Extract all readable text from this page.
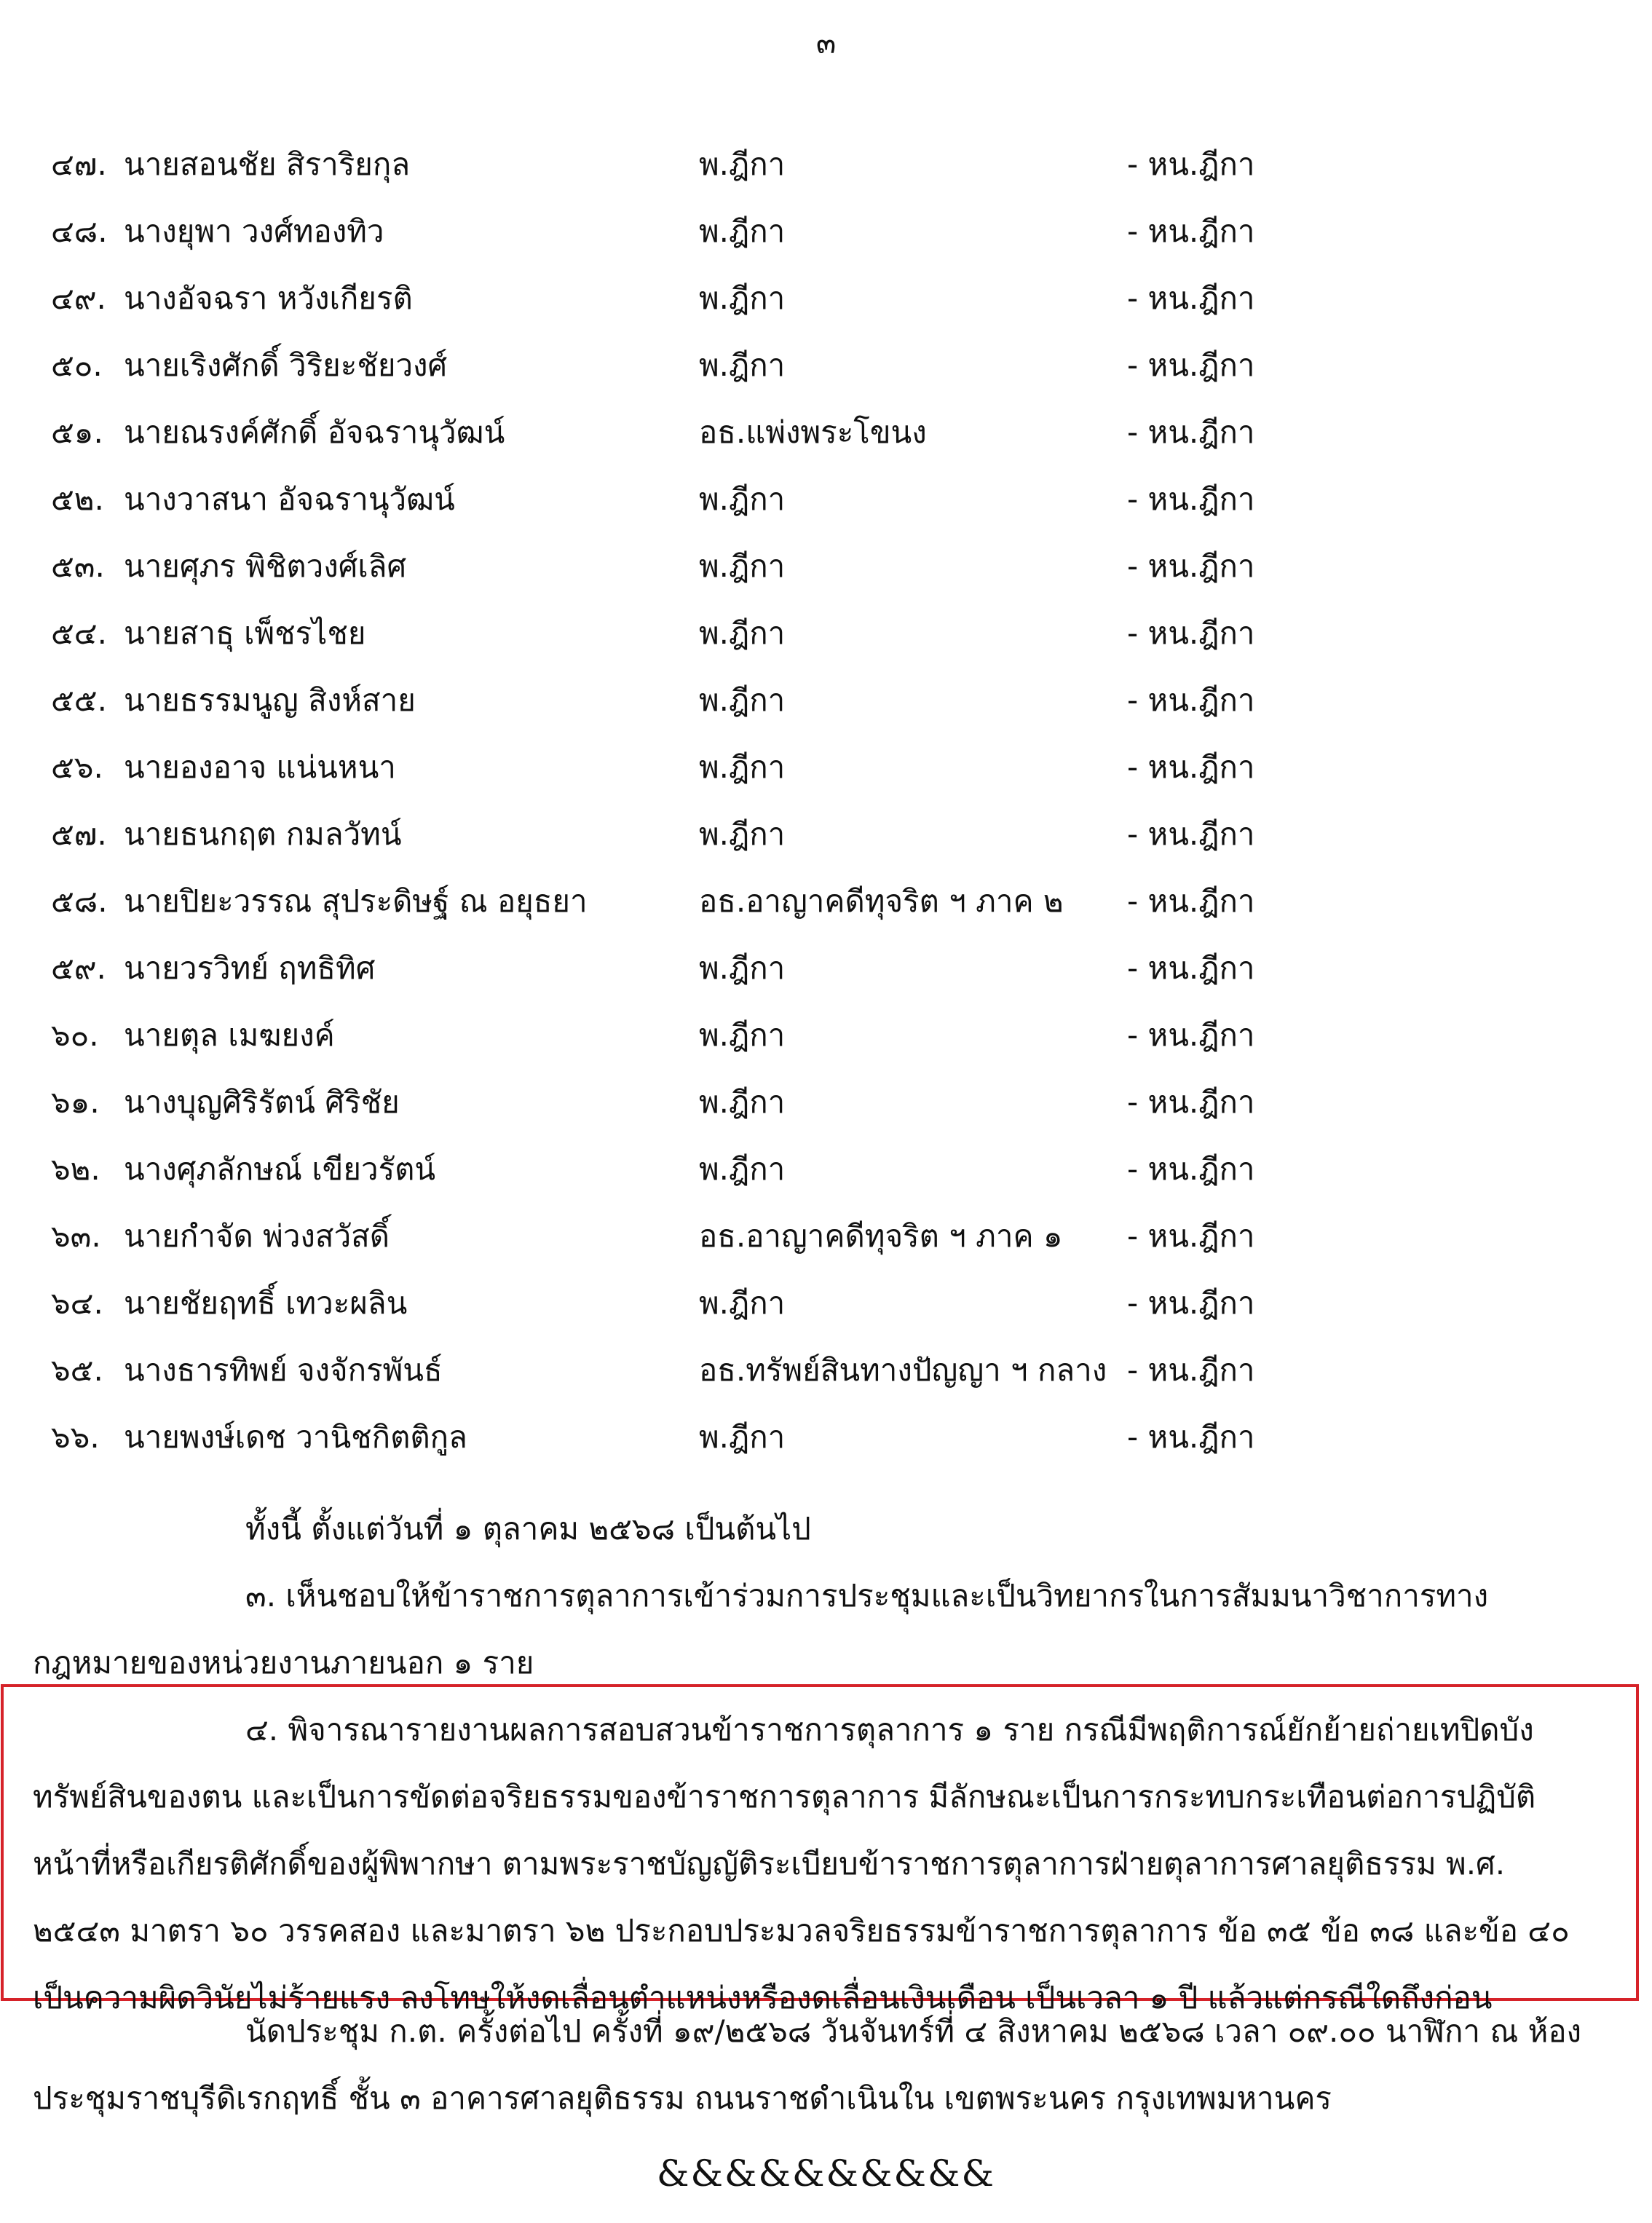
๓
๔๗. นายสอนชัย สิราริยกุล	พ.ฎีกา	- หน.ฎีกา
๔๘. นางยุพา วงศ์ทองทิว	พ.ฎีกา	- หน.ฎีกา
๔๙. นางอัจฉรา หวังเกียรติ	พ.ฎีกา	- หน.ฎีกา
๕๐. นายเริงศักดิ์ วิริยะชัยวงศ์	พ.ฎีกา	- หน.ฎีกา
๕๑. นายณรงค์ศักดิ์ อัจฉรานุวัฒน์	อธ.แพ่งพระโขนง	- หน.ฎีกา
๕๒. นางวาสนา อัจฉรานุวัฒน์	พ.ฎีกา	- หน.ฎีกา
๕๓. นายศุภร พิชิตวงศ์เลิศ	พ.ฎีกา	- หน.ฎีกา
๕๔. นายสาธุ เพ็ชรไชย	พ.ฎีกา	- หน.ฎีกา
๕๕. นายธรรมนูญ สิงห์สาย	พ.ฎีกา	- หน.ฎีกา
๕๖. นายองอาจ แน่นหนา	พ.ฎีกา	- หน.ฎีกา
๕๗. นายธนกฤต กมลวัทน์	พ.ฎีกา	- หน.ฎีกา
๕๘. นายปิยะวรรณ สุประดิษฐ์ ณ อยุธยา	อธ.อาญาคดีทุจริต ฯ ภาค ๒ - หน.ฎีกา
๕๙. นายวรวิทย์ ฤทธิทิศ	พ.ฎีกา	- หน.ฎีกา
๖๐. นายตุล เมฆยงค์	พ.ฎีกา	- หน.ฎีกา
๖๑. นางบุญศิริรัตน์ ศิริชัย	พ.ฎีกา	- หน.ฎีกา
๖๒. นางศุภลักษณ์ เขียวรัตน์	พ.ฎีกา	- หน.ฎีกา
๖๓. นายกำจัด พ่วงสวัสดิ์	อธ.อาญาคดีทุจริต ฯ ภาค ๑ - หน.ฎีกา
๖๔. นายชัยฤทธิ์ เทวะผลิน	พ.ฎีกา	- หน.ฎีกา
๖๕. นางธารทิพย์ จงจักรพันธ์	อธ.ทรัพย์สินทางปัญญา ฯ กลาง - หน.ฎีกา
๖๖. นายพงษ์เดช วานิชกิตติกูล	พ.ฎีกา	- หน.ฎีกา
ทั้งนี้ ตั้งแต่วันที่ ๑ ตุลาคม ๒๕๖๘ เป็นต้นไป
๓. เห็นชอบให้ข้าราชการตุลาการเข้าร่วมการประชุมและเป็นวิทยากรในการสัมมนาวิชาการทางกฎหมายของหน่วยงานภายนอก ๑ ราย
๔. พิจารณารายงานผลการสอบสวนข้าราชการตุลาการ ๑ ราย กรณีมีพฤติการณ์ยักย้ายถ่ายเทปิดบังทรัพย์สินของตน และเป็นการขัดต่อจริยธรรมของข้าราชการตุลาการ มีลักษณะเป็นการกระทบกระเทือนต่อการปฏิบัติหน้าที่หรือเกียรติศักดิ์ของผู้พิพากษา ตามพระราชบัญญัติระเบียบข้าราชการตุลาการฝ่ายตุลาการศาลยุติธรรม พ.ศ. ๒๕๔๓ มาตรา ๖๐ วรรคสอง และมาตรา ๖๒ ประกอบประมวลจริยธรรมข้าราชการตุลาการ ข้อ ๓๕ ข้อ ๓๘ และข้อ ๔๐ เป็นความผิดวินัยไม่ร้ายแรง ลงโทษให้งดเลื่อนตำแหน่งหรืองดเลื่อนเงินเดือน เป็นเวลา ๑ ปี แล้วแต่กรณีใดถึงก่อน
นัดประชุม ก.ต. ครั้งต่อไป ครั้งที่ ๑๙/๒๕๖๘ วันจันทร์ที่ ๔ สิงหาคม ๒๕๖๘ เวลา ๐๙.๐๐ นาฬิกา ณ ห้องประชุมราชบุรีดิเรกฤทธิ์ ชั้น ๓ อาคารศาลยุติธรรม ถนนราชดำเนินใน เขตพระนคร กรุงเทพมหานคร
&&&&&&&&&&
